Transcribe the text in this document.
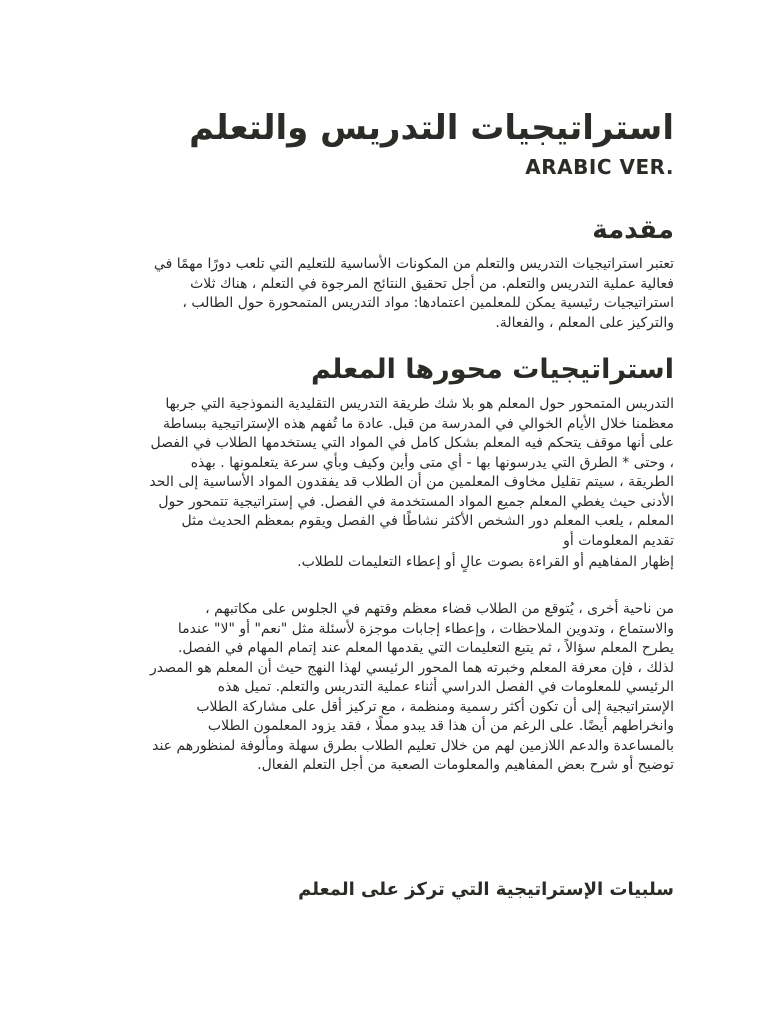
استراتيجيات التدريس والتعلم
ARABIC VER.
مقدمة
تعتبر استراتيجيات التدريس والتعلم من المكونات الأساسية للتعليم التي تلعب دورًا مهمًا في
فعالية عملية التدريس والتعلم. من أجل تحقيق النتائج المرجوة في التعلم ، هناك ثلاث
استراتيجيات رئيسية يمكن للمعلمين اعتمادها: مواد التدريس المتمحورة حول الطالب ،
والتركيز على المعلم ، والفعالة.
استراتيجيات محورها المعلم
التدريس المتمحور حول المعلم هو بلا شك طريقة التدريس التقليدية النموذجية التي جربها
معظمنا خلال الأيام الخوالي في المدرسة من قبل. عادة ما تُفهم هذه الإستراتيجية ببساطة
على أنها موقف يتحكم فيه المعلم بشكل كامل في المواد التي يستخدمها الطلاب في الفصل
، وحتى * الطرق التي يدرسونها بها - أي متى وأين وكيف وبأي سرعة يتعلمونها . بهذه
الطريقة ، سيتم تقليل مخاوف المعلمين من أن الطلاب قد يفقدون المواد الأساسية إلى الحد
الأدنى حيث يغطي المعلم جميع المواد المستخدمة في الفصل. في إستراتيجية تتمحور حول
المعلم ، يلعب المعلم دور الشخص الأكثر نشاطًا في الفصل ويقوم بمعظم الحديث مثل
تقديم المعلومات أو
إظهار المفاهيم أو القراءة بصوت عالٍ أو إعطاء التعليمات للطلاب.
من ناحية أخرى ، يُتوقع من الطلاب قضاء معظم وقتهم في الجلوس على مكاتبهم ،
والاستماع ، وتدوين الملاحظات ، وإعطاء إجابات موجزة لأسئلة مثل "نعم" أو "لا" عندما
يطرح المعلم سؤالاً ، ثم يتبع التعليمات التي يقدمها المعلم عند إتمام المهام في الفصل.
لذلك ، فإن معرفة المعلم وخبرته هما المحور الرئيسي لهذا النهج حيث أن المعلم هو المصدر
الرئيسي للمعلومات في الفصل الدراسي أثناء عملية التدريس والتعلم. تميل هذه
الإستراتيجية إلى أن تكون أكثر رسمية ومنظمة ، مع تركيز أقل على مشاركة الطلاب
وانخراطهم أيضًا. على الرغم من أن هذا قد يبدو مملًا ، فقد يزود المعلمون الطلاب
بالمساعدة والدعم اللازمين لهم من خلال تعليم الطلاب بطرق سهلة ومألوفة لمنظورهم عند
توضيح أو شرح بعض المفاهيم والمعلومات الصعبة من أجل التعلم الفعال.
سلبيات الإستراتيجية التي تركز على المعلم
